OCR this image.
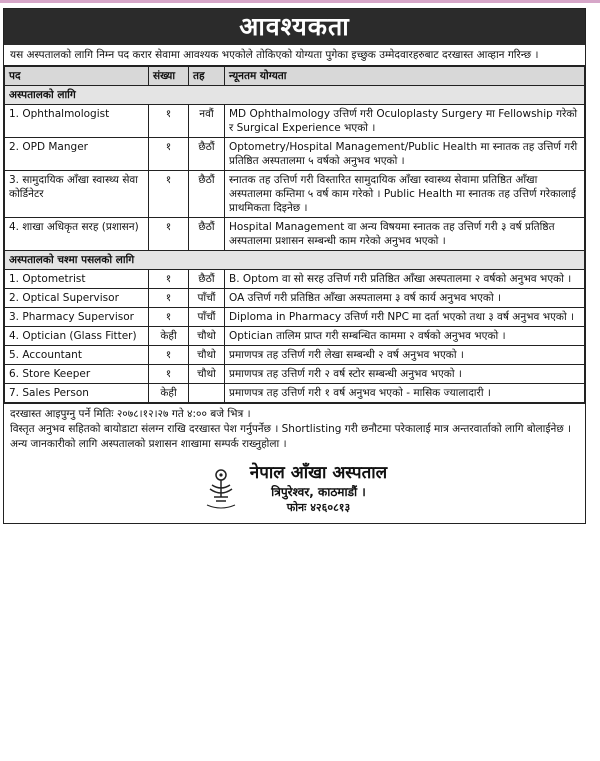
आवश्यकता
यस अस्पतालको लागि निम्न पद करार सेवामा आवश्यक भएकोले तोकिएको योग्यता पुगेका इच्छुक उम्मेदवारहरुबाट दरखास्त आव्हान गरिन्छ ।
पद	संख्या	तह	न्यूनतम योग्यता
अस्पतालको लागि			
1. Ophthalmologist	१	नवौं	MD Ophthalmology उत्तिर्ण गरी Oculoplasty Surgery मा Fellowship गरेको र Surgical Experience भएको ।
2. OPD Manger	१	छैठौं	Optometry/Hospital Management/Public Health मा स्नातक तह उत्तिर्ण गरी प्रतिष्ठित अस्पतालमा ५ वर्षको अनुभव भएको ।
3. सामुदायिक आँखा स्वास्थ्य सेवा कोर्डिनेटर	१	छैठौं	स्नातक तह उत्तिर्ण गरी विस्तारित सामुदायिक आँखा स्वास्थ्य सेवामा प्रतिष्ठित आँखा अस्पतालमा कम्तिमा ५ वर्ष काम गरेको । Public Health मा स्नातक तह उत्तिर्ण गरेकालाई प्राथमिकता दिइनेछ ।
4. शाखा अधिकृत सरह (प्रशासन)	१	छैठौं	Hospital Management वा अन्य विषयमा स्नातक तह उत्तिर्ण गरी ३ वर्ष प्रतिष्ठित अस्पतालमा प्रशासन सम्बन्धी काम गरेको अनुभव भएको ।
अस्पतालको चश्मा पसलको लागि			
1. Optometrist	१	छैठौं	B. Optom वा सो सरह उत्तिर्ण गरी प्रतिष्ठित आँखा अस्पतालमा २ वर्षको अनुभव भएको ।
2. Optical Supervisor	१	पाँचौं	OA उत्तिर्ण गरी प्रतिष्ठित आँखा अस्पतालमा ३ वर्ष कार्य अनुभव भएको ।
3. Pharmacy Supervisor	१	पाँचौं	Diploma in Pharmacy उत्तिर्ण गरी NPC मा दर्ता भएको तथा ३ वर्ष अनुभव भएको ।
4. Optician (Glass Fitter)	केही	चौथो	Optician तालिम प्राप्त गरी सम्बन्धित काममा २ वर्षको अनुभव भएको ।
5. Accountant	१	चौथो	प्रमाणपत्र तह उत्तिर्ण गरी लेखा सम्बन्धी २ वर्ष अनुभव भएको ।
6. Store Keeper	१	चौथो	प्रमाणपत्र तह उत्तिर्ण गरी २ वर्ष स्टोर सम्बन्धी अनुभव भएको ।
7. Sales Person	केही		प्रमाणपत्र तह उत्तिर्ण गरी १ वर्ष अनुभव भएको - मासिक ज्यालादारी ।
दरखास्त आइपुग्नु पर्ने मितिः २०७८।१२।२७ गते ४:०० बजे भित्र ।
विस्तृत अनुभव सहितको बायोडाटा संलग्न राखि दरखास्त पेश गर्नुपर्नेछ । Shortlisting गरी छनौटमा परेकालाई मात्र अन्तरवार्ताको लागि बोलाईनेछ । अन्य जानकारीको लागि अस्पतालको प्रशासन शाखामा सम्पर्क राख्नुहोला ।
नेपाल आँखा अस्पताल
त्रिपुरेश्वर, काठमाडौं ।
फोनः ४२६०८१३
